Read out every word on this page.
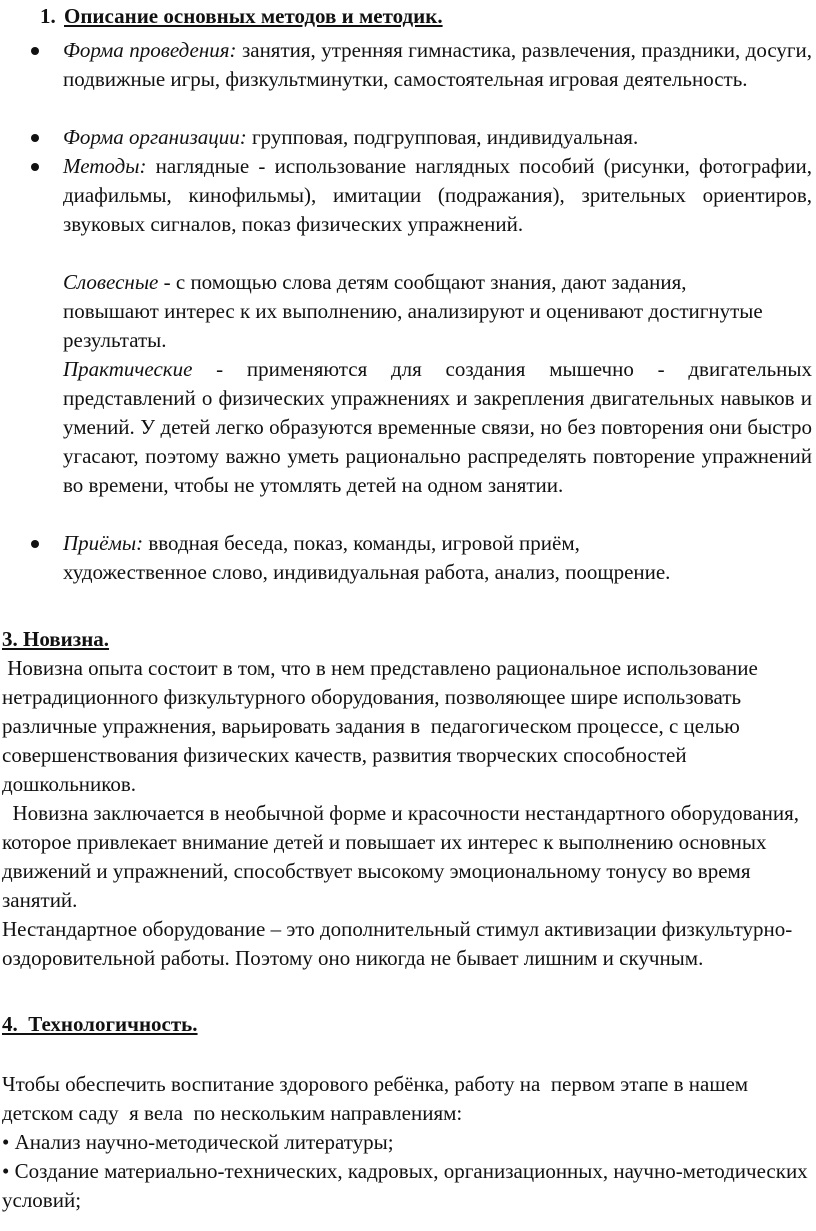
1. Описание основных методов и методик.
Форма проведения: занятия, утренняя гимнастика, развлечения, праздники, досуги, подвижные игры, физкультминутки, самостоятельная игровая деятельность.
Форма организации: групповая, подгрупповая, индивидуальная.
Методы: наглядные - использование наглядных пособий (рисунки, фотографии, диафильмы, кинофильмы), имитации (подражания), зрительных ориентиров, звуковых сигналов, показ физических упражнений.
Словесные - с помощью слова детям сообщают знания, дают задания, повышают интерес к их выполнению, анализируют и оценивают достигнутые результаты.
Практические - применяются для создания мышечно - двигательных представлений о физических упражнениях и закрепления двигательных навыков и умений. У детей легко образуются временные связи, но без повторения они быстро угасают, поэтому важно уметь рационально распределять повторение упражнений во времени, чтобы не утомлять детей на одном занятии.
Приёмы: вводная беседа, показ, команды, игровой приём, художественное слово, индивидуальная работа, анализ, поощрение.
3. Новизна.

Новизна опыта состоит в том, что в нем представлено рациональное использование нетрадиционного физкультурного оборудования, позволяющее шире использовать различные упражнения, варьировать задания в  педагогическом процессе, с целью совершенствования физических качеств, развития творческих способностей  дошкольников.

Новизна заключается в необычной форме и красочности нестандартного оборудования, которое привлекает внимание детей и повышает их интерес к выполнению основных движений и упражнений, способствует высокому эмоциональному тонусу во время занятий.

Нестандартное оборудование – это дополнительный стимул активизации физкультурно-оздоровительной работы. Поэтому оно никогда не бывает лишним и скучным.

4.  Технологичность.

Чтобы обеспечить воспитание здорового ребёнка, работу на  первом этапе в нашем детском саду  я вела  по нескольким направлениям:

• Анализ научно-методической литературы;

• Создание материально-технических, кадровых, организационных, научно-методических условий;
